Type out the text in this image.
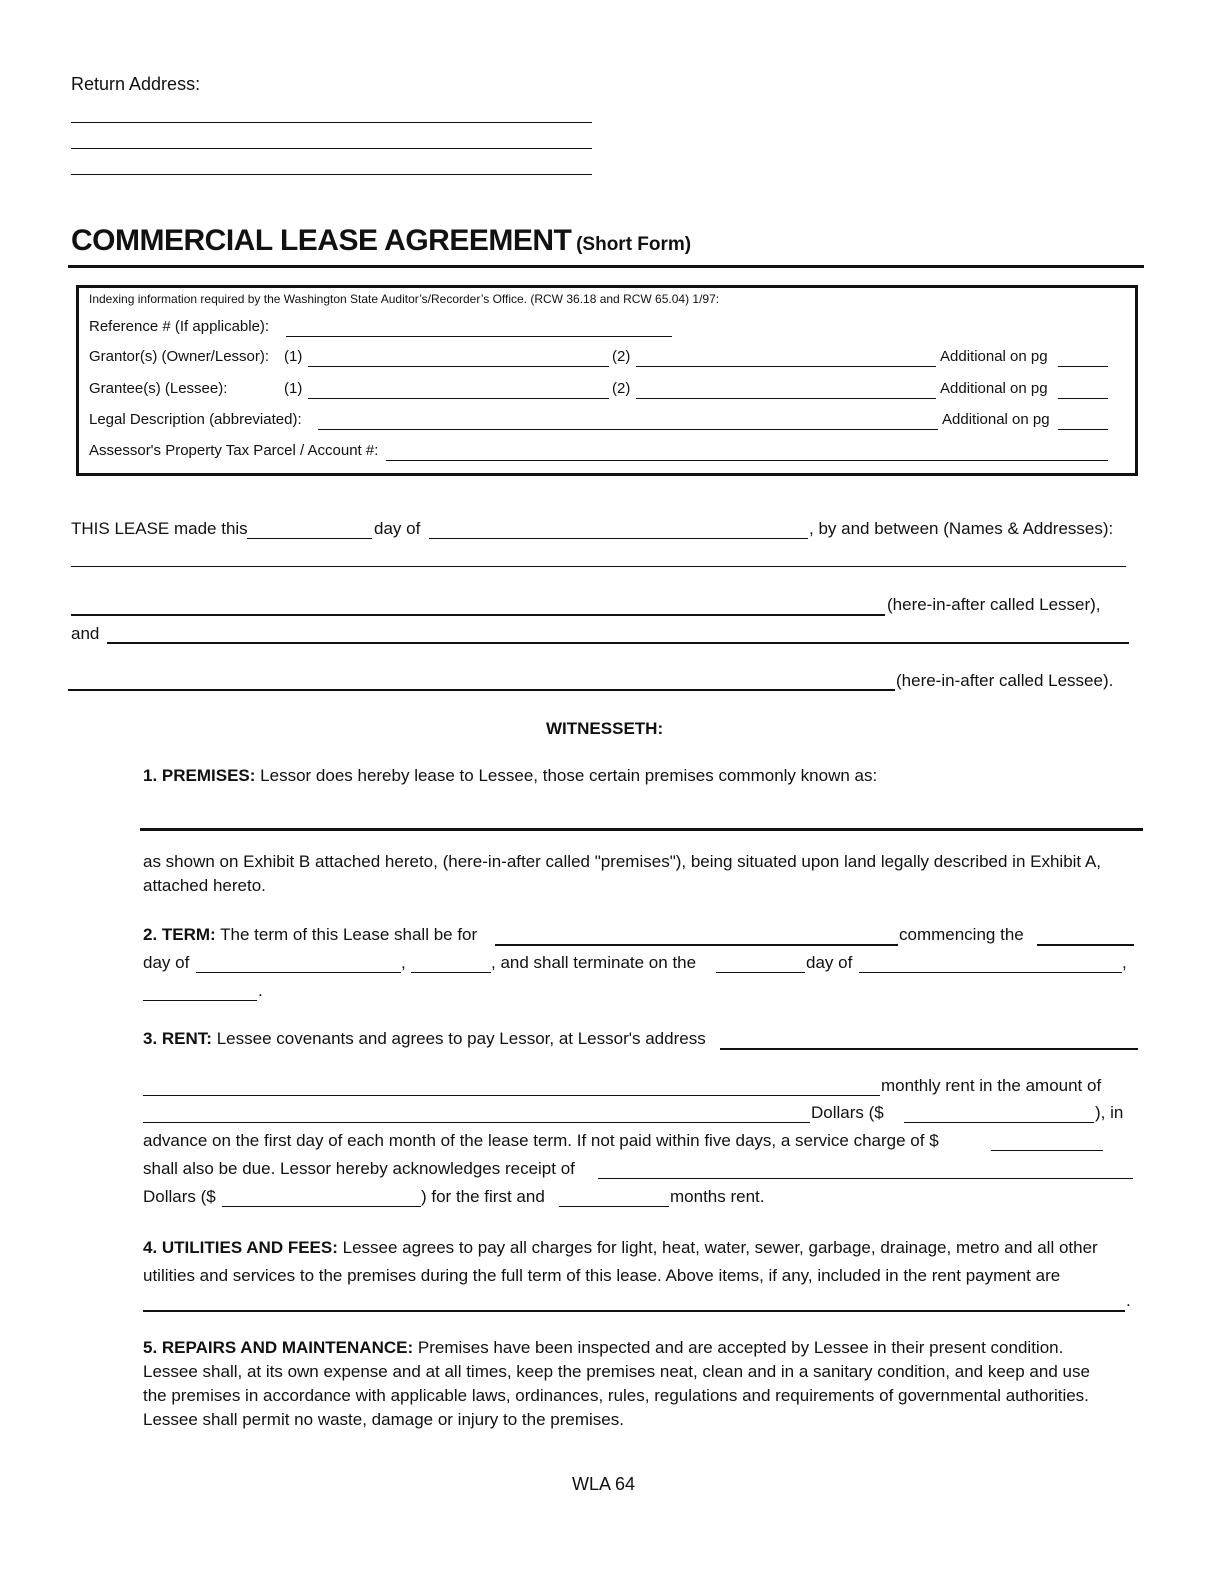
Return Address:
COMMERCIAL LEASE AGREEMENT (Short Form)
Indexing information required by the Washington State Auditor’s/Recorder’s Office. (RCW 36.18 and RCW 65.04) 1/97:
Reference # (If applicable):
Grantor(s) (Owner/Lessor): (1)	(2)	Additional on pg
Grantee(s) (Lessee):	(1)	(2)	Additional on pg
Legal Description (abbreviated):	Additional on pg
Assessor's Property Tax Parcel / Account #:
THIS LEASE made this	day of	, by and between (Names & Addresses):
(here-in-after called Lesser),
and
(here-in-after called Lessee).
WITNESSETH:
1. PREMISES: Lessor does hereby lease to Lessee, those certain premises commonly known as:
as shown on Exhibit B attached hereto, (here-in-after called "premises"), being situated upon land legally described in Exhibit A, attached hereto.
2. TERM: The term of this Lease shall be for	commencing the
day of	,	, and shall terminate on the	day of	,
.
3. RENT: Lessee covenants and agrees to pay Lessor, at Lessor's address
monthly rent in the amount of
Dollars ($	), in
advance on the first day of each month of the lease term. If not paid within five days, a service charge of $
shall also be due. Lessor hereby acknowledges receipt of
Dollars ($	) for the first and	months rent.
4. UTILITIES AND FEES: Lessee agrees to pay all charges for light, heat, water, sewer, garbage, drainage, metro and all other utilities and services to the premises during the full term of this lease. Above items, if any, included in the rent payment are
.
5. REPAIRS AND MAINTENANCE: Premises have been inspected and are accepted by Lessee in their present condition. Lessee shall, at its own expense and at all times, keep the premises neat, clean and in a sanitary condition, and keep and use the premises in accordance with applicable laws, ordinances, rules, regulations and requirements of governmental authorities. Lessee shall permit no waste, damage or injury to the premises.
WLA 64
